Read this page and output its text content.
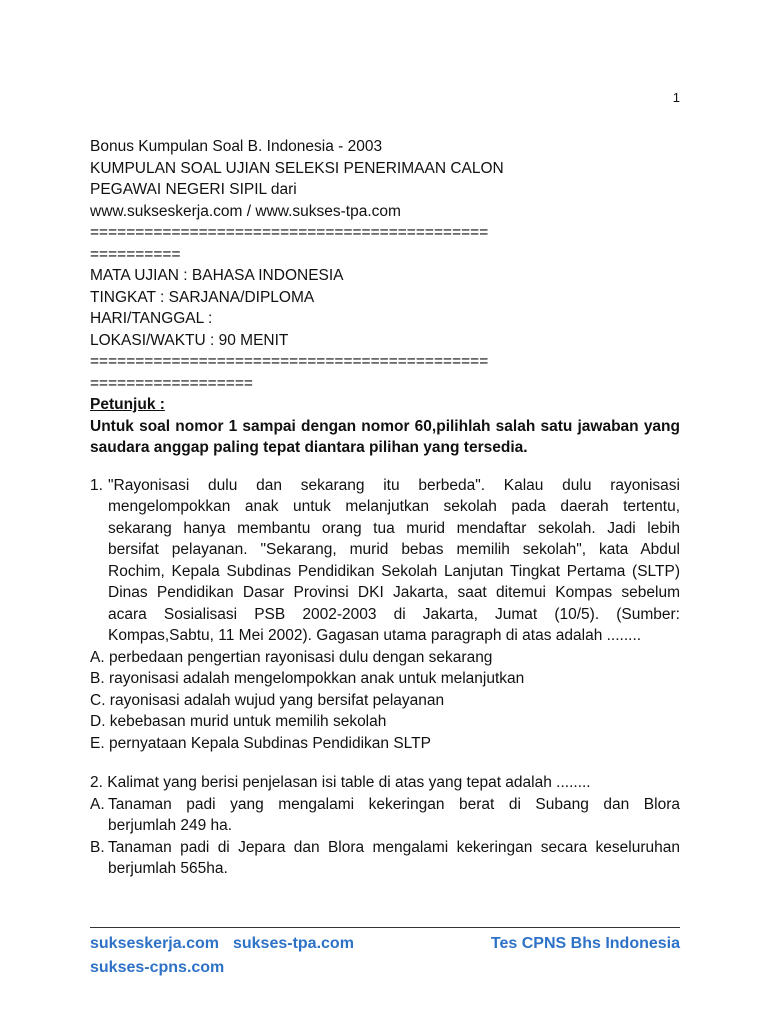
1
Bonus Kumpulan Soal B. Indonesia - 2003
KUMPULAN SOAL UJIAN SELEKSI PENERIMAAN CALON
PEGAWAI NEGERI SIPIL dari
www.sukseskerja.com / www.sukses-tpa.com
============================================
==========
MATA UJIAN : BAHASA INDONESIA
TINGKAT : SARJANA/DIPLOMA
HARI/TANGGAL :
LOKASI/WAKTU : 90 MENIT
============================================
==================
Petunjuk :
Untuk soal nomor 1 sampai dengan nomor 60,pilihlah salah satu jawaban yang
saudara anggap paling tepat diantara pilihan yang tersedia.
1. "Rayonisasi dulu dan sekarang itu berbeda". Kalau dulu rayonisasi
mengelompokkan anak untuk melanjutkan sekolah pada daerah tertentu,
sekarang hanya membantu orang tua murid mendaftar sekolah. Jadi lebih
bersifat pelayanan. "Sekarang, murid bebas memilih sekolah", kata Abdul
Rochim, Kepala Subdinas Pendidikan Sekolah Lanjutan Tingkat Pertama (SLTP)
Dinas Pendidikan Dasar Provinsi DKI Jakarta, saat ditemui Kompas sebelum
acara Sosialisasi PSB 2002-2003 di Jakarta, Jumat (10/5). (Sumber:
Kompas,Sabtu, 11 Mei 2002). Gagasan utama paragraph di atas adalah ........
A. perbedaan pengertian rayonisasi dulu dengan sekarang
B. rayonisasi adalah mengelompokkan anak untuk melanjutkan
C. rayonisasi adalah wujud yang bersifat pelayanan
D. kebebasan murid untuk memilih sekolah
E. pernyataan Kepala Subdinas Pendidikan SLTP
2. Kalimat yang berisi penjelasan isi table di atas yang tepat adalah ........
A. Tanaman padi yang mengalami kekeringan berat di Subang dan Blora
berjumlah 249 ha.
B. Tanaman padi di Jepara dan Blora mengalami kekeringan secara keseluruhan
berjumlah 565ha.
sukseskerja.com sukses-tpa.com	Tes CPNS Bhs Indonesia
sukses-cpns.com
